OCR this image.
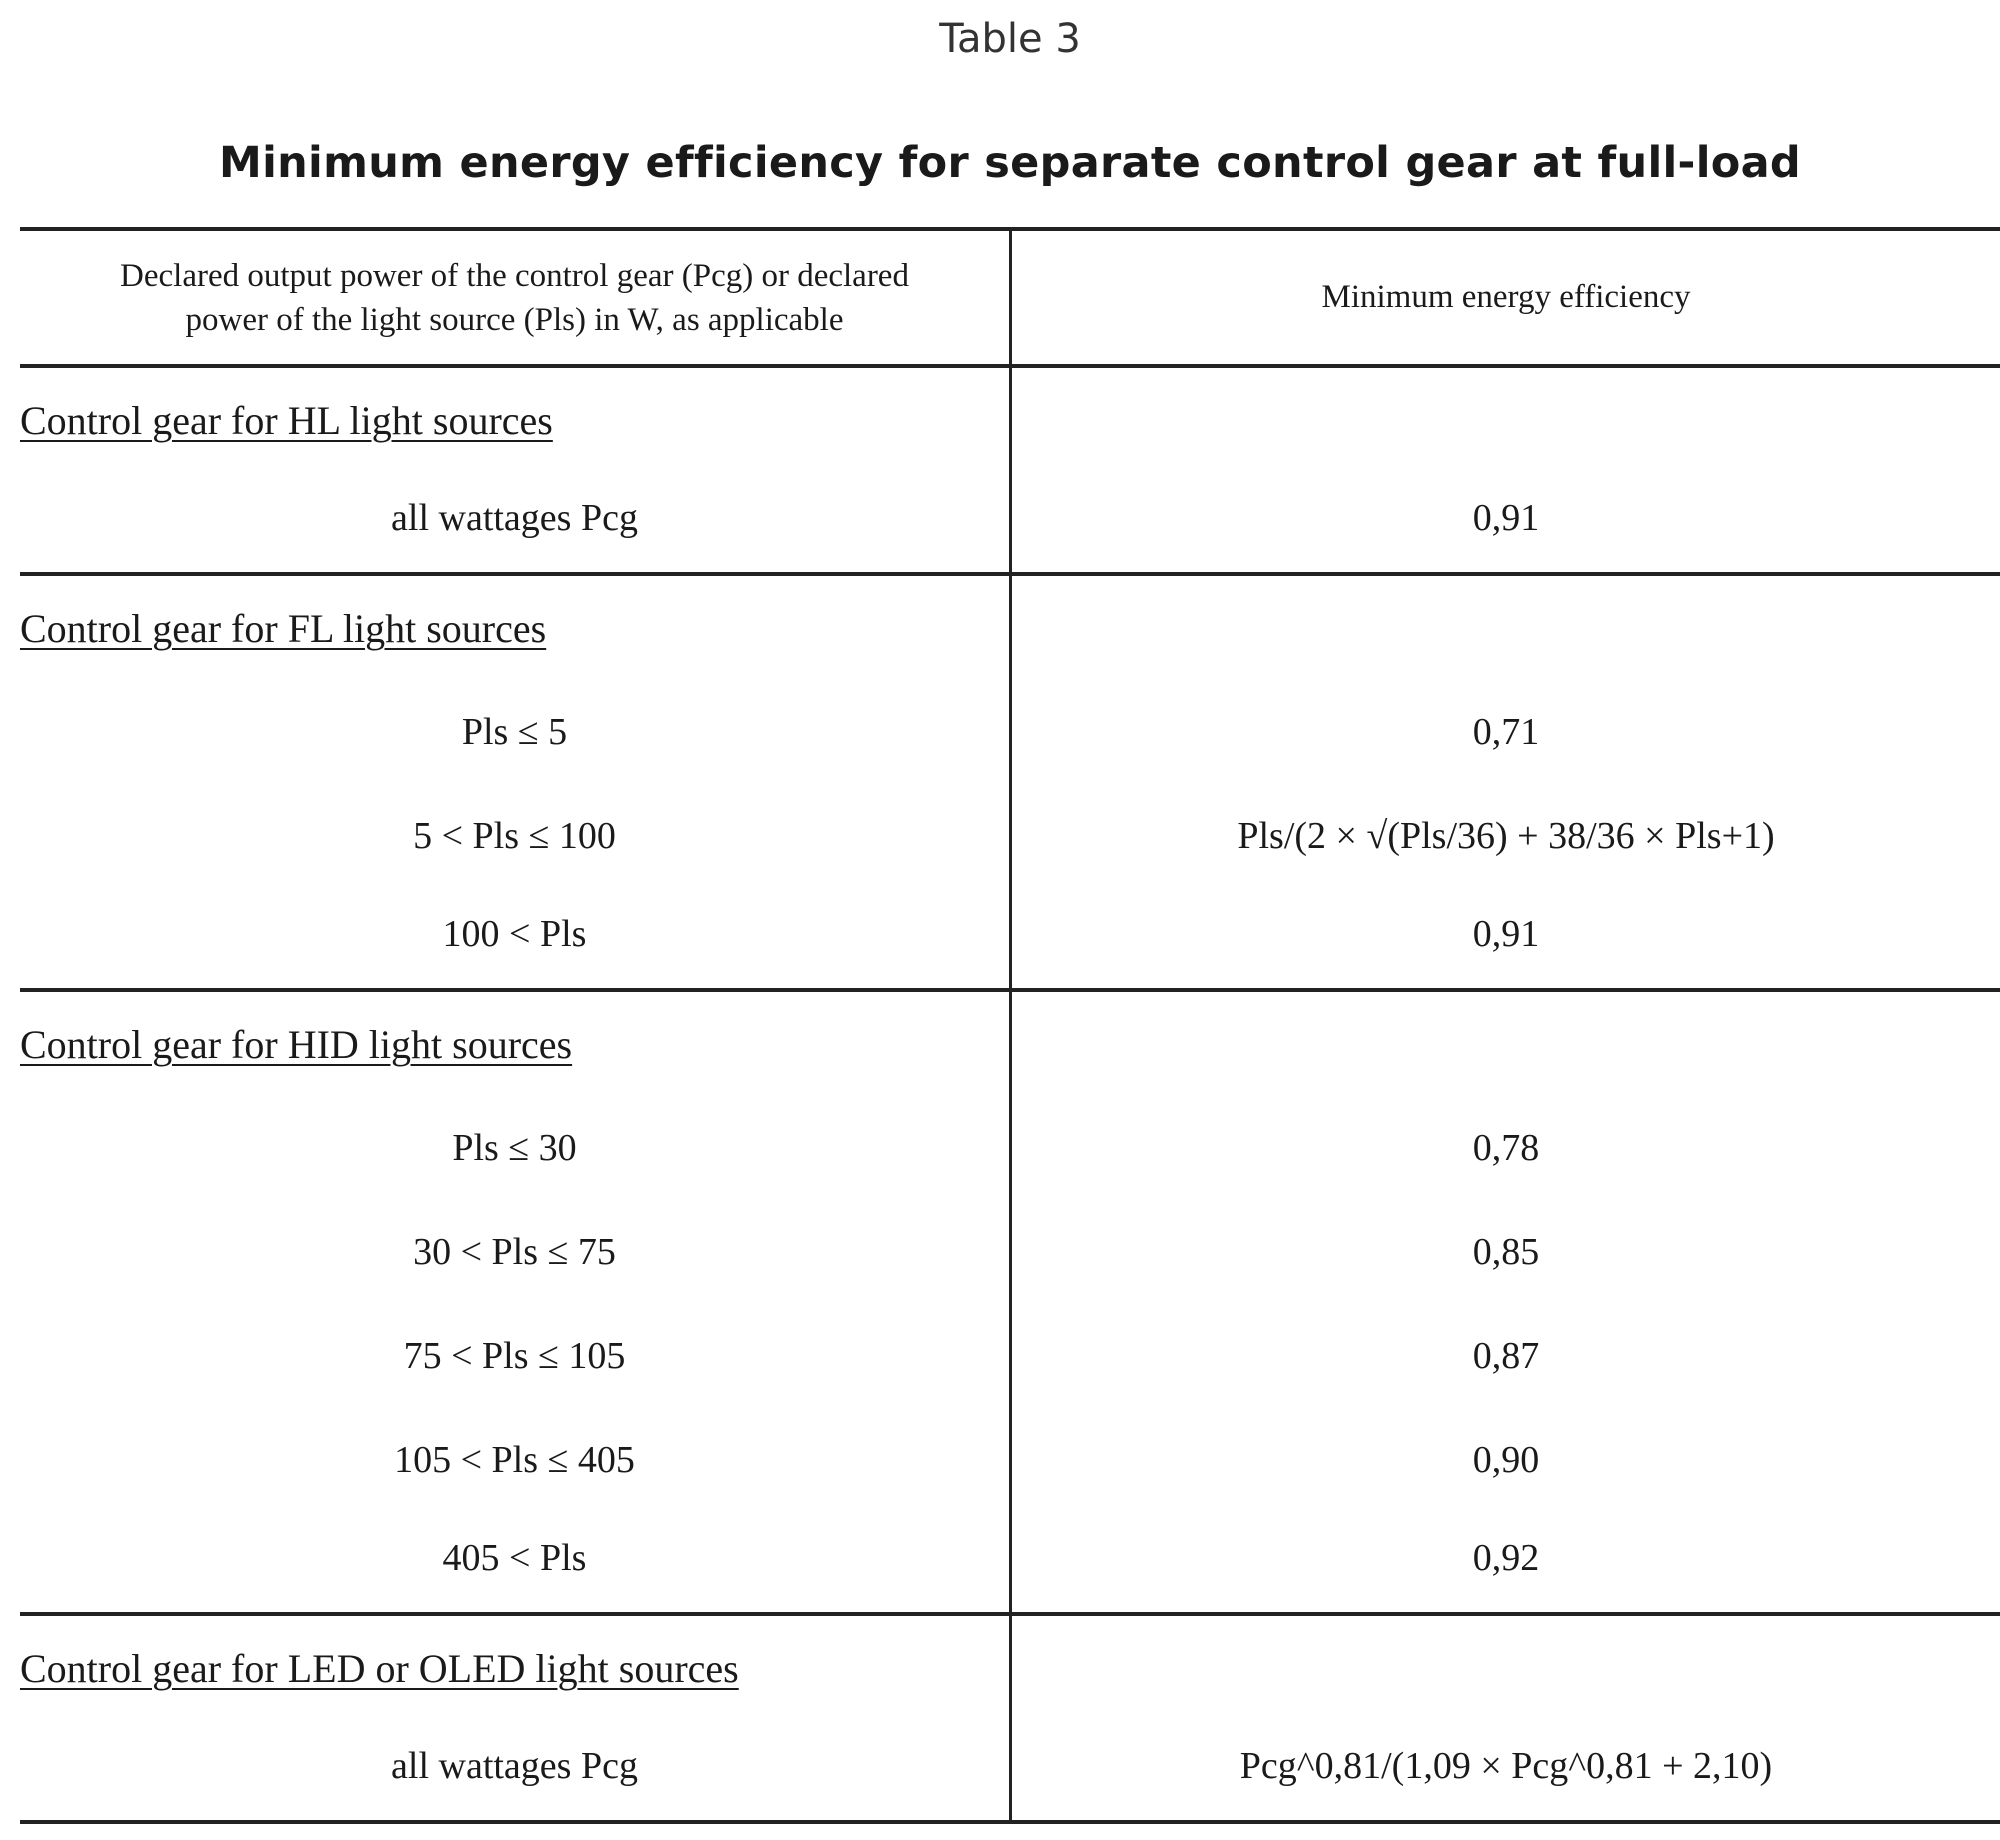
Table 3
Minimum energy efficiency for separate control gear at full-load
Declared output power of the control gear (Pcg) or declared
power of the light source (Pls) in W, as applicable
Minimum energy efficiency
Control gear for HL light sources
all wattages Pcg	0,91
Control gear for FL light sources
Pls ≤ 5	0,71
5 < Pls ≤ 100	Pls/(2 × √(Pls/36) + 38/36 × Pls+1)
100 < Pls	0,91
Control gear for HID light sources
Pls ≤ 30	0,78
30 < Pls ≤ 75	0,85
75 < Pls ≤ 105	0,87
105 < Pls ≤ 405	0,90
405 < Pls	0,92
Control gear for LED or OLED light sources
all wattages Pcg	Pcg^0,81/(1,09 × Pcg^0,81 + 2,10)
